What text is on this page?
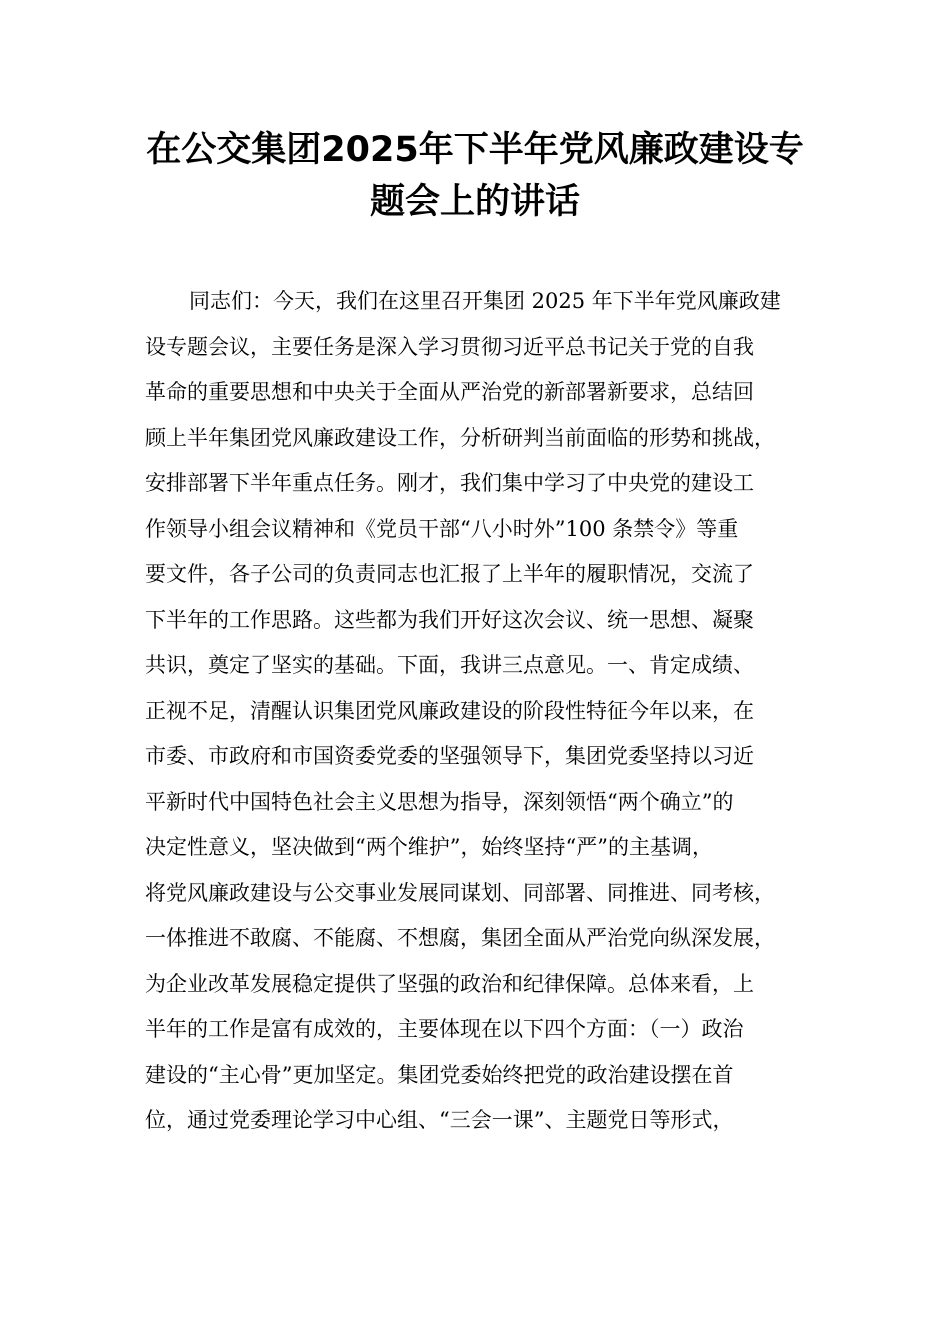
在公交集团2025年下半年党风廉政建设专
题会上的讲话
同志们：今天，我们在这里召开集团 2025 年下半年党风廉政建
设专题会议，主要任务是深入学习贯彻习近平总书记关于党的自我
革命的重要思想和中央关于全面从严治党的新部署新要求，总结回
顾上半年集团党风廉政建设工作，分析研判当前面临的形势和挑战，
安排部署下半年重点任务。刚才，我们集中学习了中央党的建设工
作领导小组会议精神和《党员干部“八小时外”100 条禁令》等重
要文件，各子公司的负责同志也汇报了上半年的履职情况，交流了
下半年的工作思路。这些都为我们开好这次会议、统一思想、凝聚
共识，奠定了坚实的基础。下面，我讲三点意见。一、肯定成绩、
正视不足，清醒认识集团党风廉政建设的阶段性特征今年以来，在
市委、市政府和市国资委党委的坚强领导下，集团党委坚持以习近
平新时代中国特色社会主义思想为指导，深刻领悟“两个确立”的
决定性意义，坚决做到“两个维护”，始终坚持“严”的主基调，
将党风廉政建设与公交事业发展同谋划、同部署、同推进、同考核，
一体推进不敢腐、不能腐、不想腐，集团全面从严治党向纵深发展，
为企业改革发展稳定提供了坚强的政治和纪律保障。总体来看，上
半年的工作是富有成效的，主要体现在以下四个方面：（一）政治
建设的“主心骨”更加坚定。集团党委始终把党的政治建设摆在首
位，通过党委理论学习中心组、“三会一课”、主题党日等形式，
